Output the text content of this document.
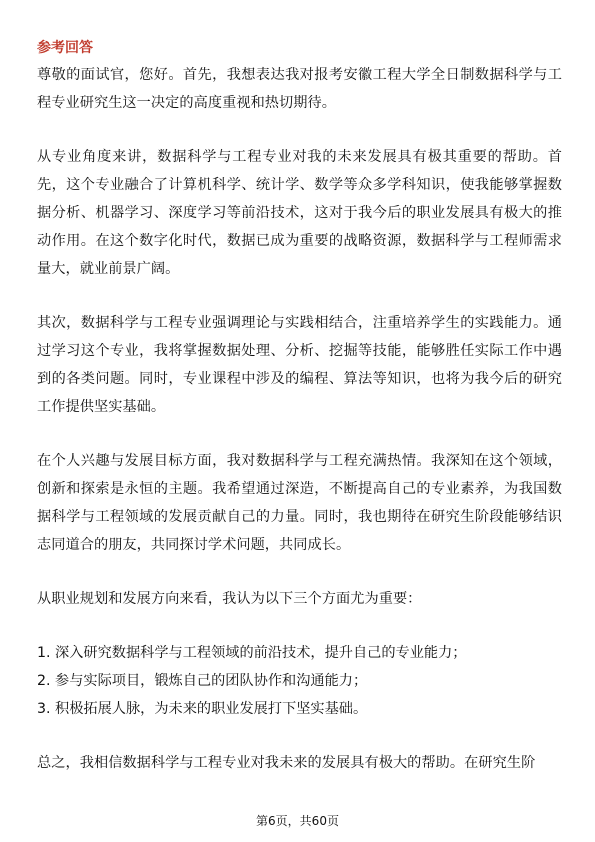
参考回答

尊敬的面试官，您好。首先，我想表达我对报考安徽工程大学全日制数据科学与工程专业研究生这一决定的高度重视和热切期待。

从专业角度来讲，数据科学与工程专业对我的未来发展具有极其重要的帮助。首先，这个专业融合了计算机科学、统计学、数学等众多学科知识，使我能够掌握数据分析、机器学习、深度学习等前沿技术，这对于我今后的职业发展具有极大的推动作用。在这个数字化时代，数据已成为重要的战略资源，数据科学与工程师需求量大，就业前景广阔。

其次，数据科学与工程专业强调理论与实践相结合，注重培养学生的实践能力。通过学习这个专业，我将掌握数据处理、分析、挖掘等技能，能够胜任实际工作中遇到的各类问题。同时，专业课程中涉及的编程、算法等知识，也将为我今后的研究工作提供坚实基础。

在个人兴趣与发展目标方面，我对数据科学与工程充满热情。我深知在这个领域，创新和探索是永恒的主题。我希望通过深造，不断提高自己的专业素养，为我国数据科学与工程领域的发展贡献自己的力量。同时，我也期待在研究生阶段能够结识志同道合的朋友，共同探讨学术问题，共同成长。

从职业规划和发展方向来看，我认为以下三个方面尤为重要：

1. 深入研究数据科学与工程领域的前沿技术，提升自己的专业能力；

2. 参与实际项目，锻炼自己的团队协作和沟通能力；

3. 积极拓展人脉，为未来的职业发展打下坚实基础。

总之，我相信数据科学与工程专业对我未来的发展具有极大的帮助。在研究生阶

第6页，共60页
